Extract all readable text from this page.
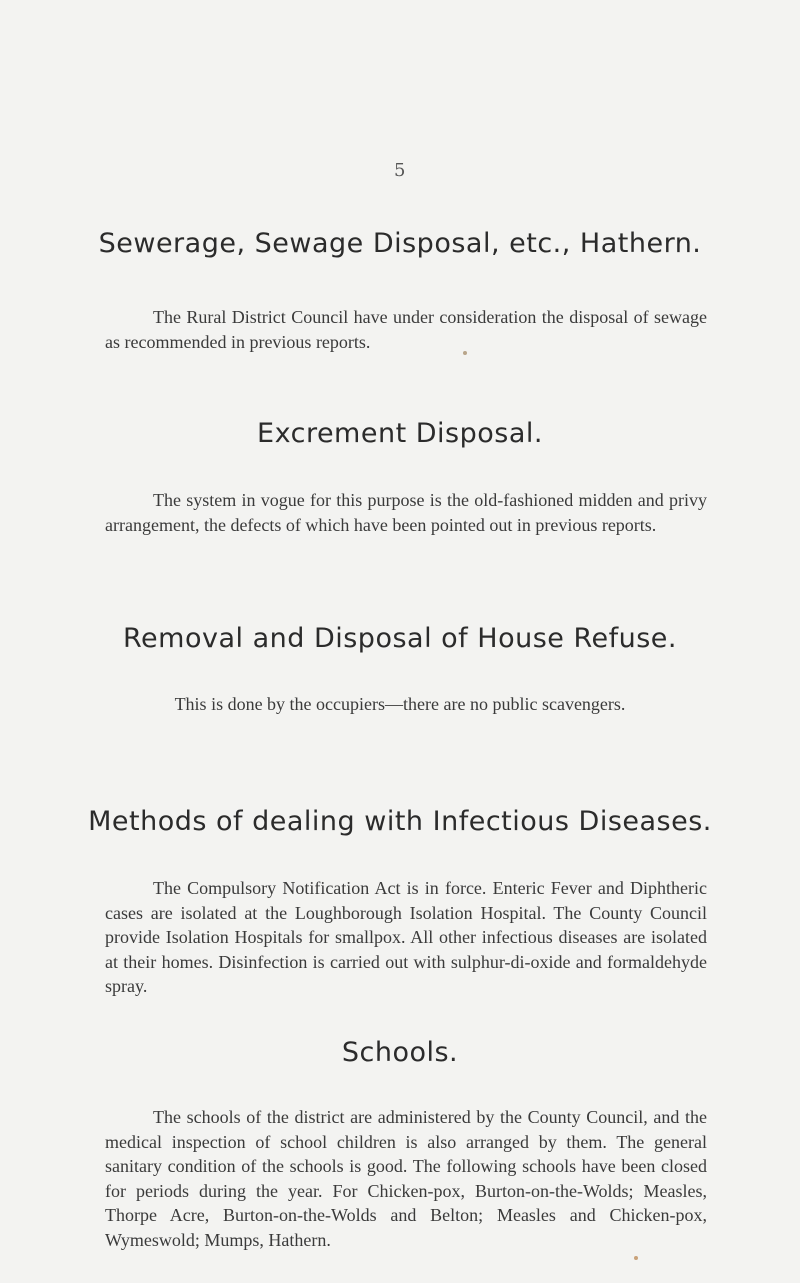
5
Sewerage, Sewage Disposal, etc., Hathern.

The Rural District Council have under consideration the disposal of sewage as recommended in previous reports.

Excrement Disposal.

The system in vogue for this purpose is the old-fashioned midden and privy arrangement, the defects of which have been pointed out in previous reports.

Removal and Disposal of House Refuse.

This is done by the occupiers—there are no public scavengers.

Methods of dealing with Infectious Diseases.

The Compulsory Notification Act is in force. Enteric Fever and Diphtheric cases are isolated at the Loughborough Isolation Hospital. The County Council provide Isolation Hospitals for smallpox. All other infectious diseases are isolated at their homes. Disinfection is carried out with sulphur-di-oxide and formaldehyde spray.

Schools.

The schools of the district are administered by the County Council, and the medical inspection of school children is also arranged by them. The general sanitary condition of the schools is good. The following schools have been closed for periods during the year. For Chicken-pox, Burton-on-the-Wolds; Measles, Thorpe Acre, Burton-on-the-Wolds and Belton; Measles and Chicken-pox, Wymeswold; Mumps, Hathern.
